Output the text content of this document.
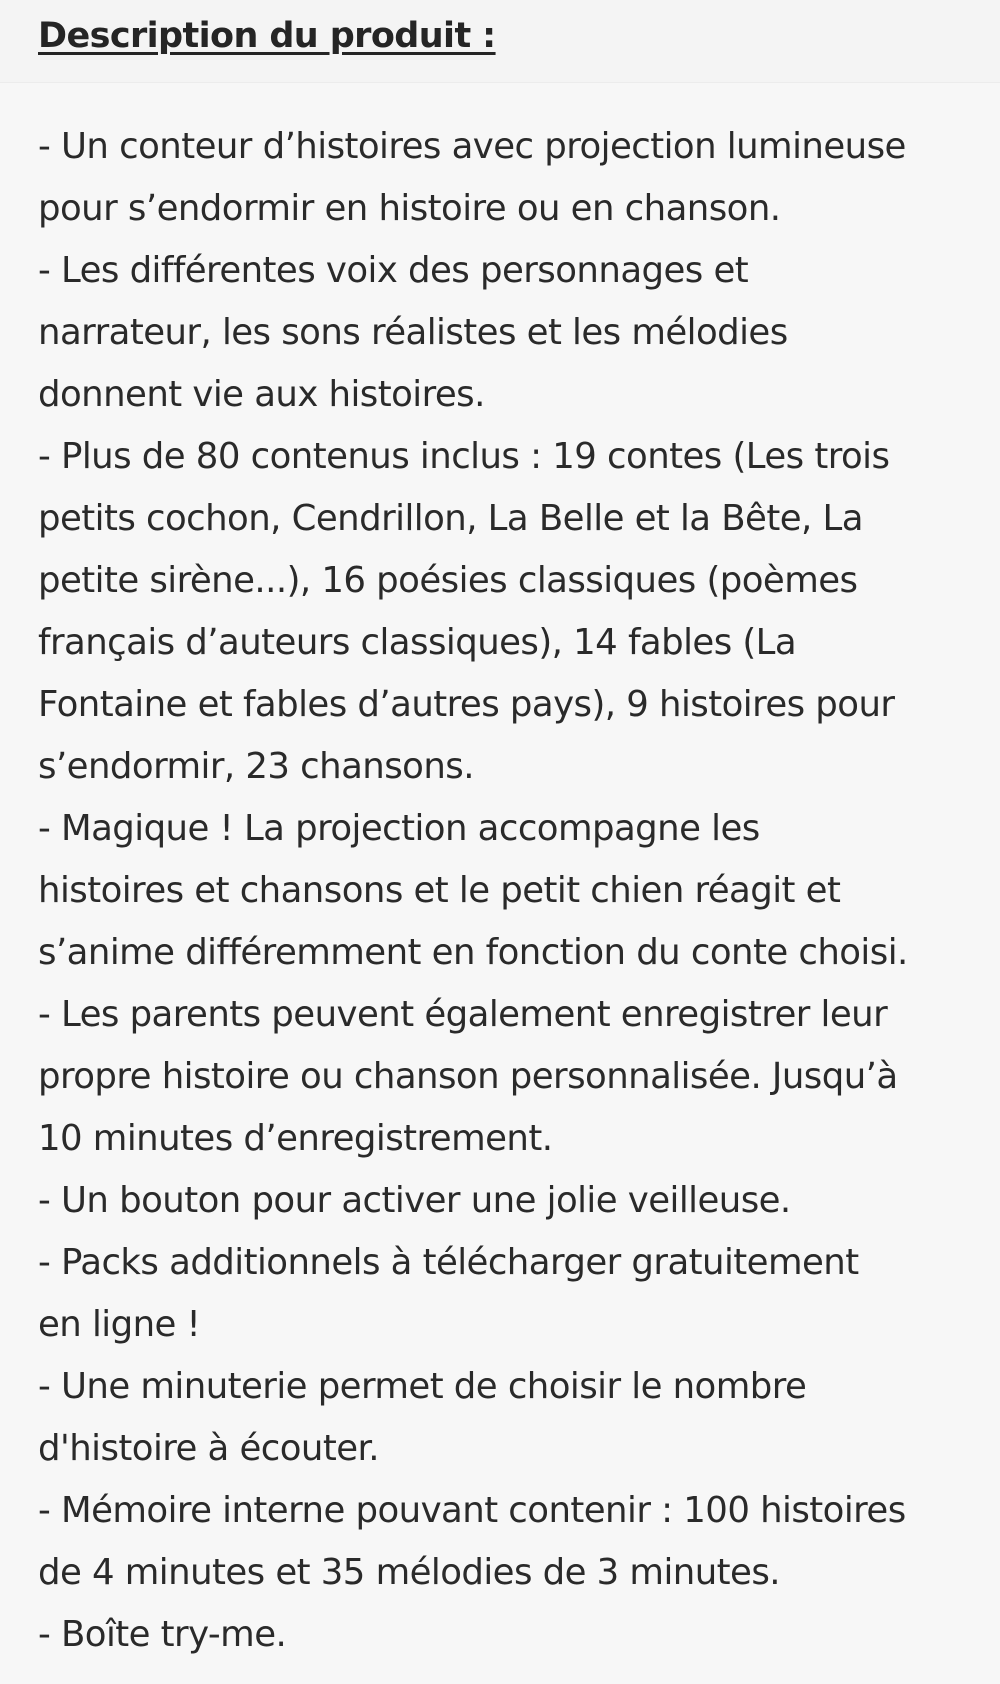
Description du produit :
- Un conteur d’histoires avec projection lumineuse
pour s’endormir en histoire ou en chanson.
- Les différentes voix des personnages et
narrateur, les sons réalistes et les mélodies
donnent vie aux histoires.
- Plus de 80 contenus inclus : 19 contes (Les trois
petits cochon, Cendrillon, La Belle et la Bête, La
petite sirène...), 16 poésies classiques (poèmes
français d’auteurs classiques), 14 fables (La
Fontaine et fables d’autres pays), 9 histoires pour
s’endormir, 23 chansons.
- Magique ! La projection accompagne les
histoires et chansons et le petit chien réagit et
s’anime différemment en fonction du conte choisi.
- Les parents peuvent également enregistrer leur
propre histoire ou chanson personnalisée. Jusqu’à
10 minutes d’enregistrement.
- Un bouton pour activer une jolie veilleuse.
- Packs additionnels à télécharger gratuitement
en ligne !
- Une minuterie permet de choisir le nombre
d'histoire à écouter.
- Mémoire interne pouvant contenir : 100 histoires
de 4 minutes et 35 mélodies de 3 minutes.
- Boîte try-me.
